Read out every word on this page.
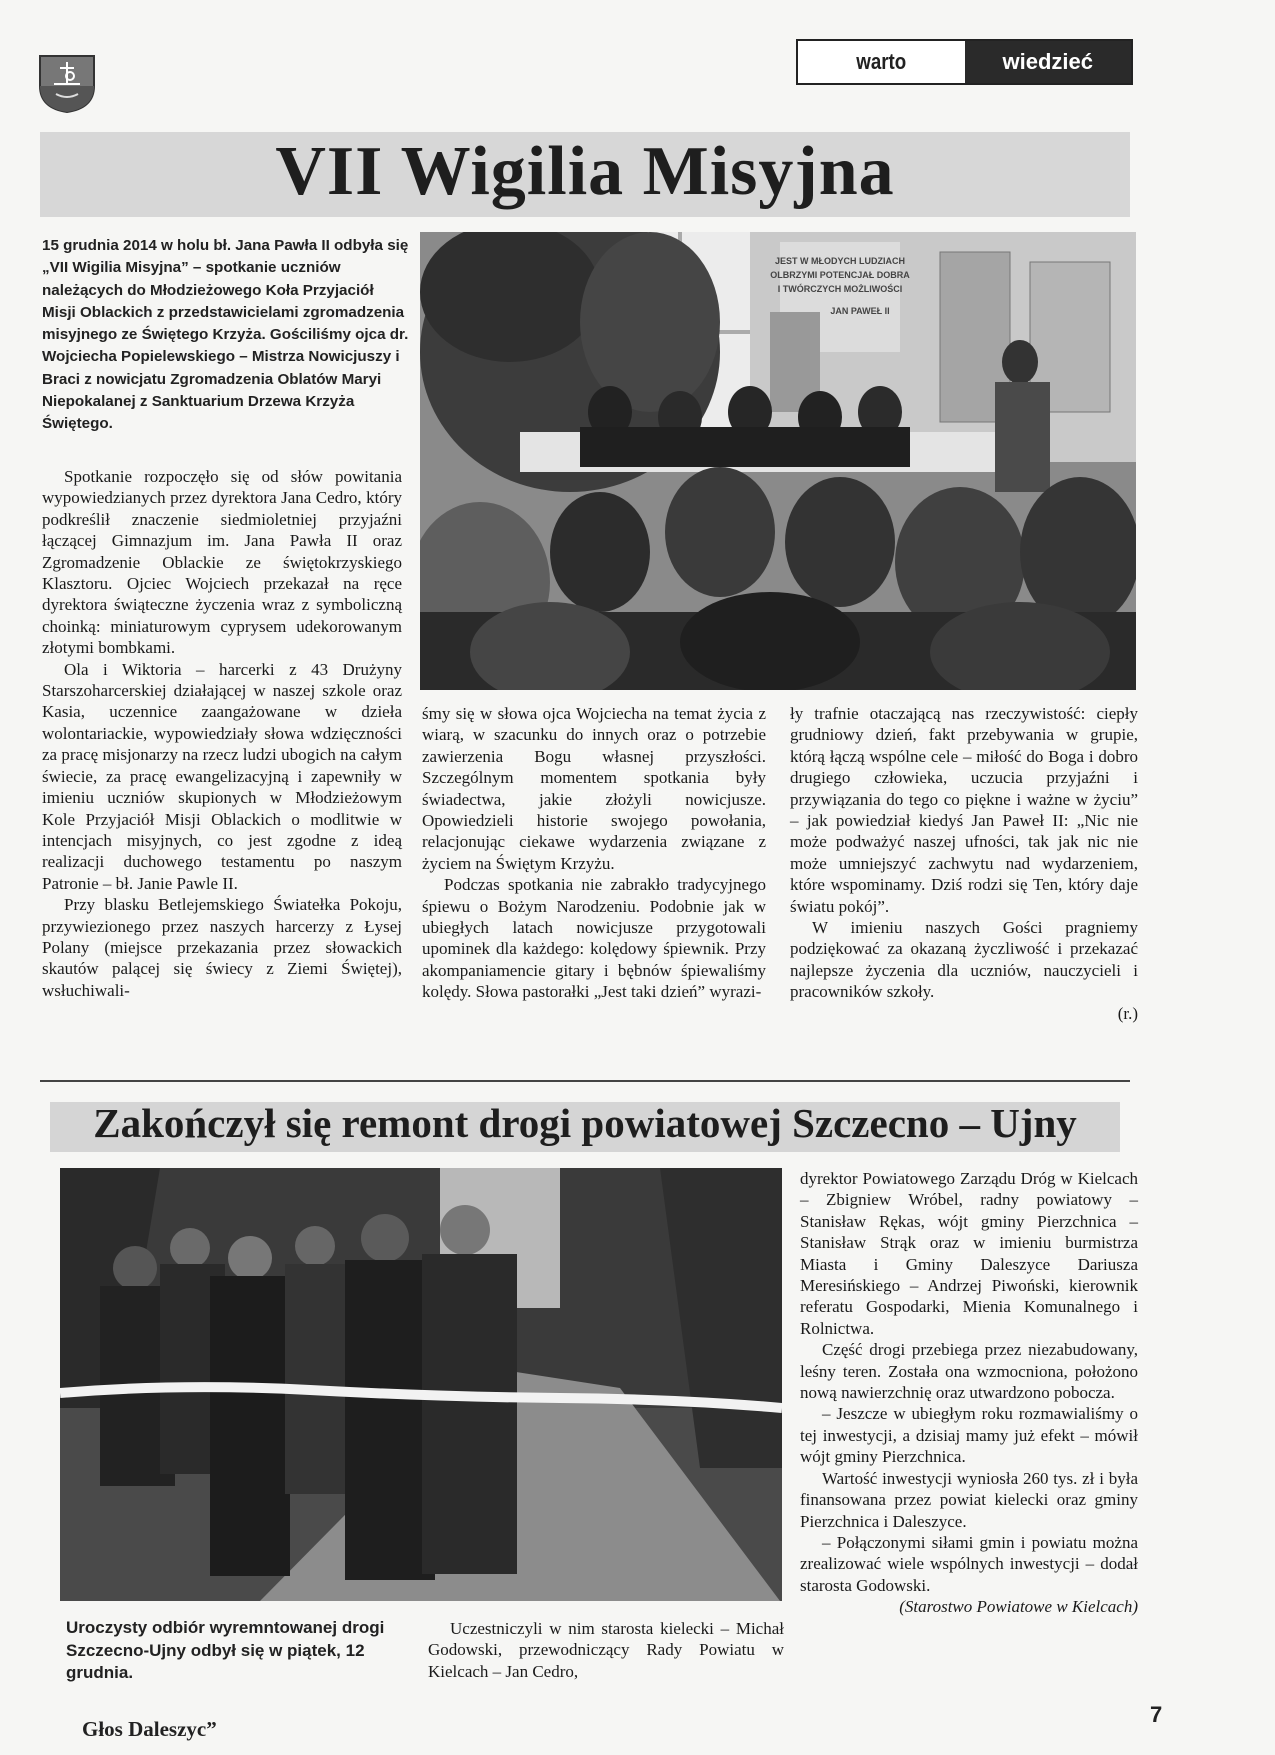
warto	wiedzieć
VII Wigilia Misyjna
15 grudnia 2014 w holu bł. Jana Pawła II odbyła się „VII Wigilia Misyjna” – spotkanie uczniów należących do Młodzieżowego Koła Przyjaciół Misji Oblackich z przedstawicielami zgromadzenia misyjnego ze Świętego Krzyża. Gościliśmy ojca dr. Wojciecha Popielewskiego – Mistrza Nowicjuszy i Braci z nowicjatu Zgromadzenia Oblatów Maryi Niepokalanej z Sanktuarium Drzewa Krzyża Świętego.

Spotkanie rozpoczęło się od słów powitania wypowiedzianych przez dyrektora Jana Cedro, który podkreślił znaczenie siedmioletniej przyjaźni łączącej Gimnazjum im. Jana Pawła II oraz Zgromadzenie Oblackie ze świętokrzyskiego Klasztoru. Ojciec Wojciech przekazał na ręce dyrektora świąteczne życzenia wraz z symboliczną choinką: miniaturowym cyprysem udekorowanym złotymi bombkami.

Ola i Wiktoria – harcerki z 43 Drużyny Starszoharcerskiej działającej w naszej szkole oraz Kasia, uczennice zaangażowane w dzieła wolontariackie, wypowiedziały słowa wdzięczności za pracę misjonarzy na rzecz ludzi ubogich na całym świecie, za pracę ewangelizacyjną i zapewniły w imieniu uczniów skupionych w Młodzieżowym Kole Przyjaciół Misji Oblackich o modlitwie w intencjach misyjnych, co jest zgodne z ideą realizacji duchowego testamentu po naszym Patronie – bł. Janie Pawle II.

Przy blasku Betlejemskiego Światełka Pokoju, przywiezionego przez naszych harcerzy z Łysej Polany (miejsce przekazania przez słowackich skautów palącej się świecy z Ziemi Świętej), wsłuchiwali-

JEST W MŁODYCH LUDZIACH
OLBRZYMI POTENCJAŁ DOBRA
I TWÓRCZYCH MOŻLIWOŚCI
JAN PAWEŁ II

śmy się w słowa ojca Wojciecha na temat życia z wiarą, w szacunku do innych oraz o potrzebie zawierzenia Bogu własnej przyszłości. Szczególnym momentem spotkania były świadectwa, jakie złożyli nowicjusze. Opowiedzieli historie swojego powołania, relacjonując ciekawe wydarzenia związane z życiem na Świętym Krzyżu.

Podczas spotkania nie zabrakło tradycyjnego śpiewu o Bożym Narodzeniu. Podobnie jak w ubiegłych latach nowicjusze przygotowali upominek dla każdego: kolędowy śpiewnik. Przy akompaniamencie gitary i bębnów śpiewaliśmy kolędy. Słowa pastorałki „Jest taki dzień” wyrazi-

ły trafnie otaczającą nas rzeczywistość: ciepły grudniowy dzień, fakt przebywania w grupie, którą łączą wspólne cele – miłość do Boga i dobro drugiego człowieka, uczucia przyjaźni i przywiązania do tego co piękne i ważne w życiu” – jak powiedział kiedyś Jan Paweł II: „Nic nie może podważyć naszej ufności, tak jak nic nie może umniejszyć zachwytu nad wydarzeniem, które wspominamy. Dziś rodzi się Ten, który daje światu pokój”.

W imieniu naszych Gości pragniemy podziękować za okazaną życzliwość i przekazać najlepsze życzenia dla uczniów, nauczycieli i pracowników szkoły.

(r.)
Zakończył się remont drogi powiatowej Szczecno – Ujny
Uroczysty odbiór wyremntowanej drogi Szczecno-Ujny odbył się w piątek, 12 grudnia.

Uczestniczyli w nim starosta kielecki – Michał Godowski, przewodniczący Rady Powiatu w Kielcach – Jan Cedro,

dyrektor Powiatowego Zarządu Dróg w Kielcach – Zbigniew Wróbel, radny powiatowy – Stanisław Rękas, wójt gminy Pierzchnica – Stanisław Strąk oraz w imieniu burmistrza Miasta i Gminy Daleszyce Dariusza Meresińskiego – Andrzej Piwoński, kierownik referatu Gospodarki, Mienia Komunalnego i Rolnictwa.

Część drogi przebiega przez niezabudowany, leśny teren. Została ona wzmocniona, położono nową nawierzchnię oraz utwardzono pobocza.

– Jeszcze w ubiegłym roku rozmawialiśmy o tej inwestycji, a dzisiaj mamy już efekt – mówił wójt gminy Pierzchnica.

Wartość inwestycji wyniosła 260 tys. zł i była finansowana przez powiat kielecki oraz gminy Pierzchnica i Daleszyce.

– Połączonymi siłami gmin i powiatu można zrealizować wiele wspólnych inwestycji – dodał starosta Godowski.

(Starostwo Powiatowe w Kielcach)
Głos Daleszyc”
7
